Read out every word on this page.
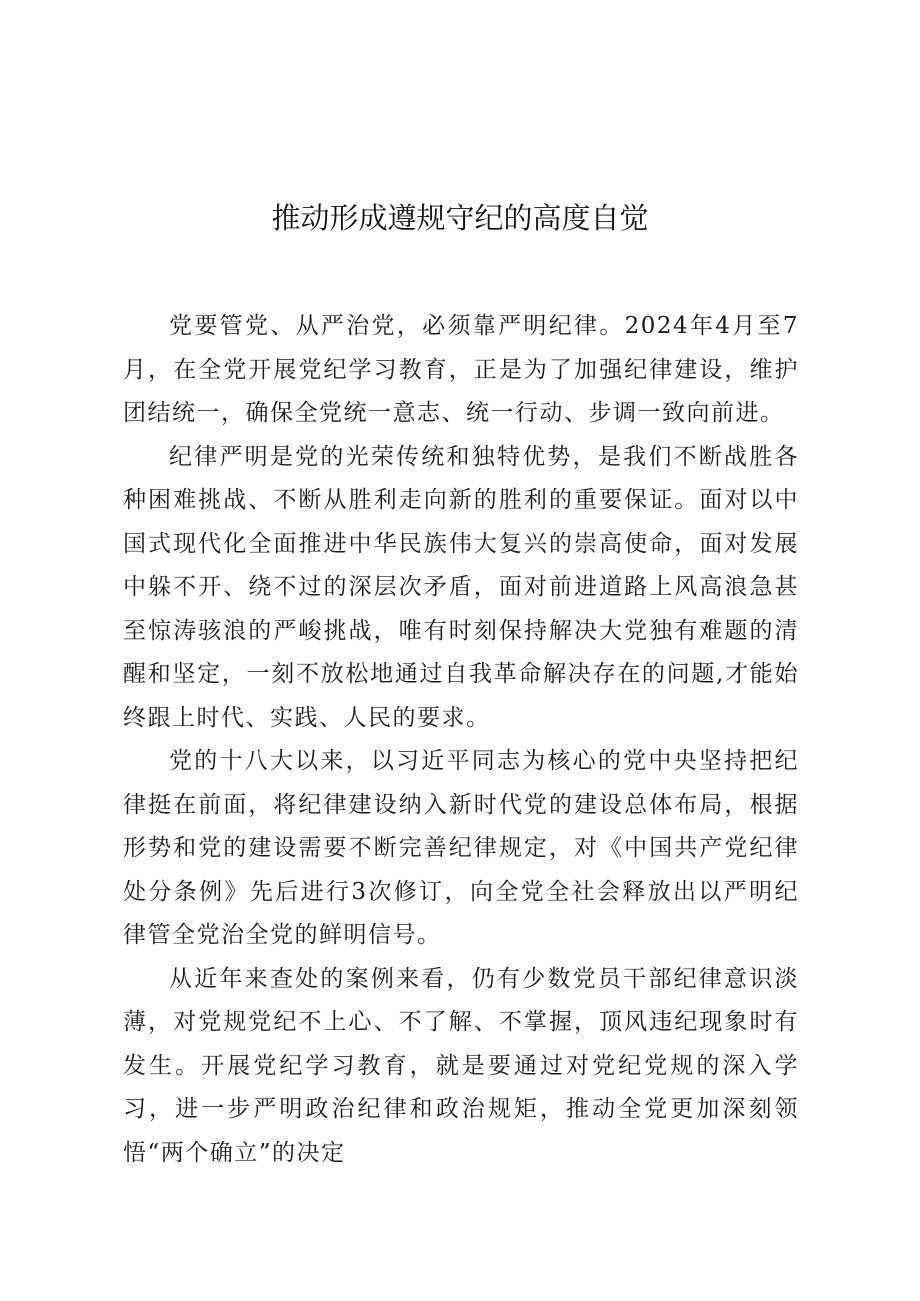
推动形成遵规守纪的高度自觉

党要管党、从严治党，必须靠严明纪律。2024年4月至7月，在全党开展党纪学习教育，正是为了加强纪律建设，维护团结统一，确保全党统一意志、统一行动、步调一致向前进。

纪律严明是党的光荣传统和独特优势，是我们不断战胜各种困难挑战、不断从胜利走向新的胜利的重要保证。面对以中国式现代化全面推进中华民族伟大复兴的崇高使命，面对发展中躲不开、绕不过的深层次矛盾，面对前进道路上风高浪急甚至惊涛骇浪的严峻挑战，唯有时刻保持解决大党独有难题的清醒和坚定，一刻不放松地通过自我革命解决存在的问题,才能始终跟上时代、实践、人民的要求。

党的十八大以来，以习近平同志为核心的党中央坚持把纪律挺在前面，将纪律建设纳入新时代党的建设总体布局，根据形势和党的建设需要不断完善纪律规定，对《中国共产党纪律处分条例》先后进行3次修订，向全党全社会释放出以严明纪律管全党治全党的鲜明信号。

从近年来查处的案例来看，仍有少数党员干部纪律意识淡薄，对党规党纪不上心、不了解、不掌握，顶风违纪现象时有发生。开展党纪学习教育，就是要通过对党纪党规的深入学习，进一步严明政治纪律和政治规矩，推动全党更加深刻领悟“两个确立”的决定
